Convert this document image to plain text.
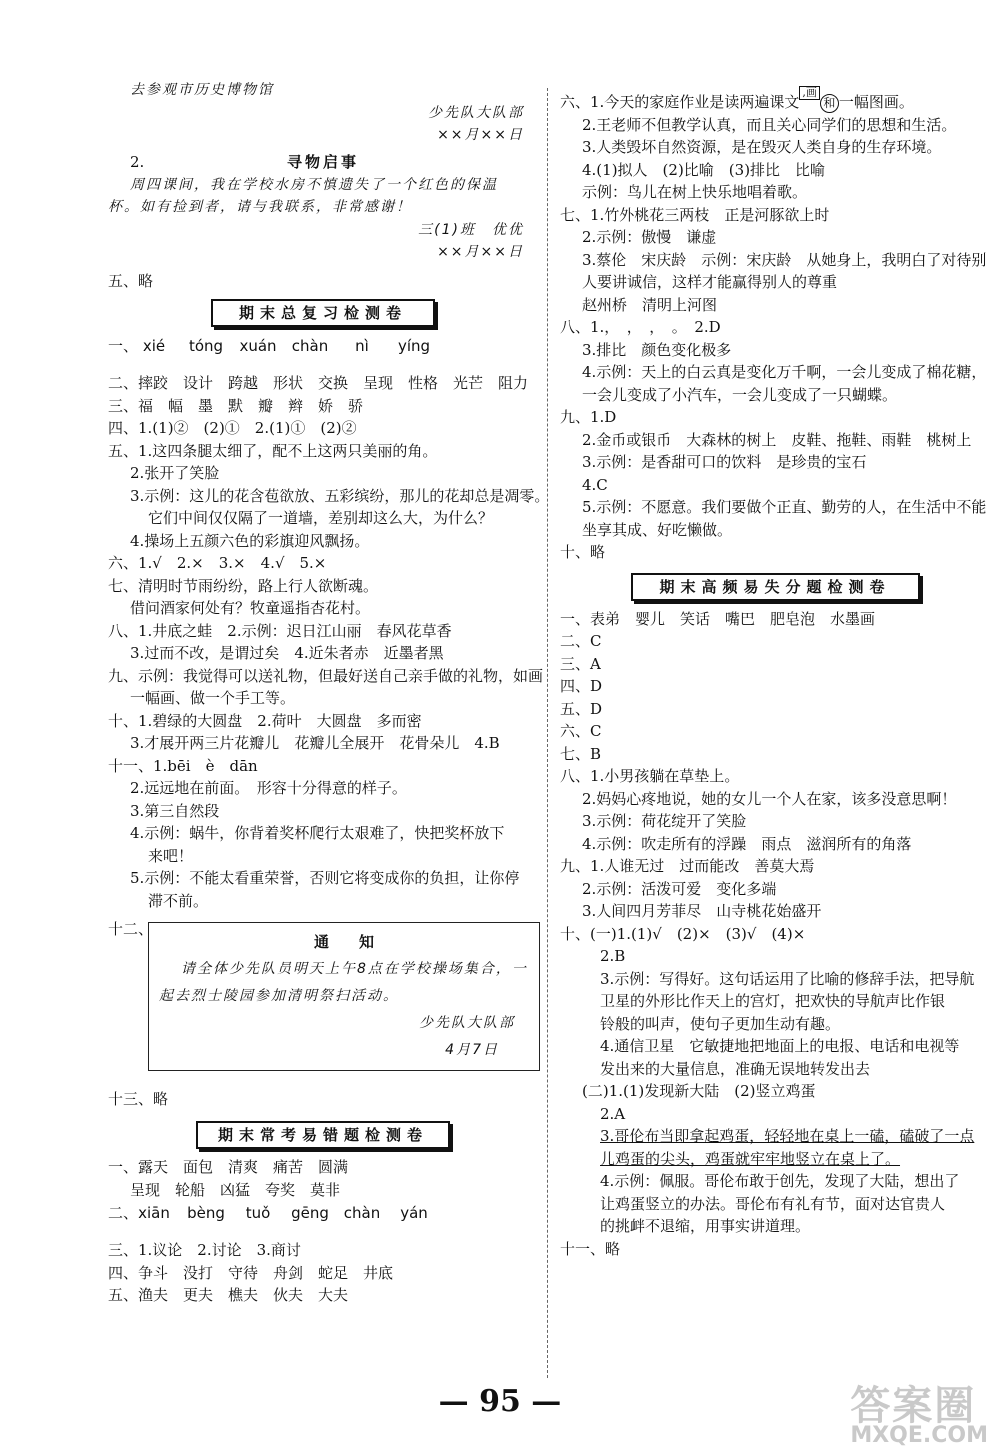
去参观市历史博物馆
少先队大队部
××月××日
2.	寻物启事
周四课间，我在学校水房不慎遗失了一个红色的保温
杯。如有捡到者，请与我联系，非常感谢！
三(1)班　优优
××月××日
五、略
期末总复习检测卷
一、 xié	tóng	xuán	chàn	nì	yíng
二、摔跤　设计　跨越　形状　交换　呈现　性格　光芒　阻力
三、福　幅　墨　默　瓣　辫　娇　骄
四、1.(1)②　(2)①　2.(1)①　(2)②
五、1.这四条腿太细了，配不上这两只美丽的角。
2.张开了笑脸
3.示例：这儿的花含苞欲放、五彩缤纷，那儿的花却总是凋零。
它们中间仅仅隔了一道墙，差别却这么大，为什么？
4.操场上五颜六色的彩旗迎风飘扬。
六、1.√　2.×　3.×　4.√　5.×
七、清明时节雨纷纷，路上行人欲断魂。
借问酒家何处有？牧童遥指杏花村。
八、1.井底之蛙　2.示例：迟日江山丽　春风花草香
3.过而不改，是谓过矣　4.近朱者赤　近墨者黑
九、示例：我觉得可以送礼物，但最好送自己亲手做的礼物，如画
一幅画、做一个手工等。
十、1.碧绿的大圆盘　2.荷叶　大圆盘　多而密
3.才展开两三片花瓣儿　花瓣儿全展开　花骨朵儿　4.B
十一、1.bēi　è　dān
2.远远地在前面。　形容十分得意的样子。
3.第三自然段
4.示例：蜗牛，你背着奖杯爬行太艰难了，快把奖杯放下
来吧！
5.示例：不能太看重荣誉，否则它将变成你的负担，让你停
滞不前。
十二、
通　　知
请全体少先队员明天上午8点在学校操场集合，一
起去烈士陵园参加清明祭扫活动。
少先队大队部
4月7日
十三、略
期末常考易错题检测卷
一、露天　面包　清爽　痛苦　圆满
呈现　轮船　凶猛　夸奖　莫非
二、 xiān	bèng	tuǒ	gēng chàn	yán
三、1.议论　2.讨论　3.商讨
四、争斗　没打　守待　舟剑　蛇足　井底
五、渔夫　更夫　樵夫　伙夫　大夫
六、1.今天的家庭作业是读两遍课文,画和 一幅图画。
2.王老师不但教学认真，而且关心同学们的思想和生活。
3.人类毁坏自然资源，是在毁灭人类自身的生存环境。
4.(1)拟人　(2)比喻　(3)排比　比喻
示例：鸟儿在树上快乐地唱着歌。
七、1.竹外桃花三两枝　正是河豚欲上时
2.示例：傲慢　谦虚
3.蔡伦　宋庆龄　示例：宋庆龄　从她身上，我明白了对待别
人要讲诚信，这样才能赢得别人的尊重
赵州桥　清明上河图
八、1.，　，　，　。　2.D
3.排比　颜色变化极多
4.示例：天上的白云真是变化万千啊，一会儿变成了棉花糖，
一会儿变成了小汽车，一会儿变成了一只蝴蝶。
九、1.D
2.金币或银币　大森林的树上　皮鞋、拖鞋、雨鞋　桃树上
3.示例：是香甜可口的饮料　是珍贵的宝石
4.C
5.示例：不愿意。我们要做个正直、勤劳的人，在生活中不能
坐享其成、好吃懒做。
十、略
期末高频易失分题检测卷
一、表弟　婴儿　笑话　嘴巴　肥皂泡　水墨画
二、C
三、A
四、D
五、D
六、C
七、B
八、1.小男孩躺在草垫上。
2.妈妈心疼地说，她的女儿一个人在家，该多没意思啊！
3.示例：荷花绽开了笑脸
4.示例：吹走所有的浮躁　雨点　滋润所有的角落
九、1.人谁无过　过而能改　善莫大焉
2.示例：活泼可爱　变化多端
3.人间四月芳菲尽　山寺桃花始盛开
十、(一)1.(1)√　(2)×　(3)√　(4)×
2.B
3.示例：写得好。这句话运用了比喻的修辞手法，把导航
卫星的外形比作天上的宫灯，把欢快的导航声比作银
铃般的叫声，使句子更加生动有趣。
4.通信卫星　它敏捷地把地面上的电报、电话和电视等
发出来的大量信息，准确无误地转发出去
(二)1.(1)发现新大陆　(2)竖立鸡蛋
2.A
3.哥伦布当即拿起鸡蛋，轻轻地在桌上一磕，磕破了一点
儿鸡蛋的尖头，鸡蛋就牢牢地竖立在桌上了。
4.示例：佩服。哥伦布敢于创先，发现了大陆，想出了
让鸡蛋竖立的办法。哥伦布有礼有节，面对达官贵人
的挑衅不退缩，用事实讲道理。
十一、略
— 95 —	答案圈
MXQE.COM
